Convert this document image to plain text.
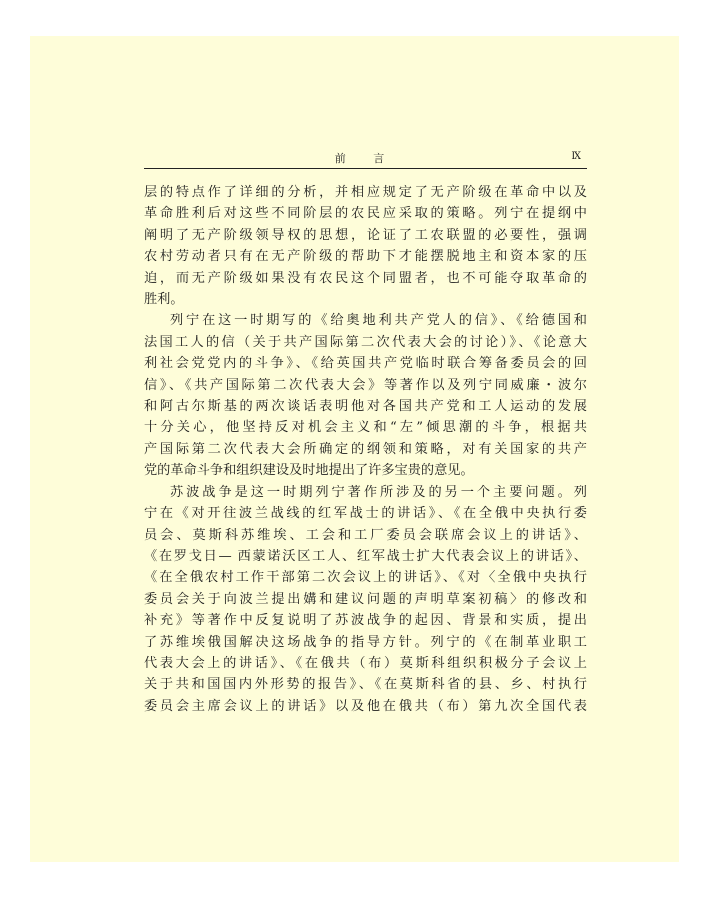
前 言	Ⅸ

层的特点作了详细的分析，并相应规定了无产阶级在革命中以及

革命胜利后对这些不同阶层的农民应采取的策略。列宁在提纲中

阐明了无产阶级领导权的思想，论证了工农联盟的必要性，强调

农村劳动者只有在无产阶级的帮助下才能摆脱地主和资本家的压

迫，而无产阶级如果没有农民这个同盟者，也不可能夺取革命的

胜利。

列宁在这一时期写的《给奥地利共产党人的信》、《给德国和

法国工人的信（关于共产国际第二次代表大会的讨论）》、《论意大

利社会党党内的斗争》、《给英国共产党临时联合筹备委员会的回

信》、《共产国际第二次代表大会》等著作以及列宁同威廉・波尔

和阿古尔斯基的两次谈话表明他对各国共产党和工人运动的发展

十分关心，他坚持反对机会主义和“左”倾思潮的斗争，根据共

产国际第二次代表大会所确定的纲领和策略，对有关国家的共产

党的革命斗争和组织建设及时地提出了许多宝贵的意见。

苏波战争是这一时期列宁著作所涉及的另一个主要问题。列

宁在《对开往波兰战线的红军战士的讲话》、《在全俄中央执行委

员会、莫斯科苏维埃、工会和工厂委员会联席会议上的讲话》、

《在罗戈日— 西蒙诺沃区工人、红军战士扩大代表会议上的讲话》、

《在全俄农村工作干部第二次会议上的讲话》、《对〈全俄中央执行

委员会关于向波兰提出媾和建议问题的声明草案初稿〉的修改和

补充》等著作中反复说明了苏波战争的起因、背景和实质，提出

了苏维埃俄国解决这场战争的指导方针。列宁的《在制革业职工

代表大会上的讲话》、《在俄共（布）莫斯科组织积极分子会议上

关于共和国国内外形势的报告》、《在莫斯科省的县、乡、村执行

委员会主席会议上的讲话》以及他在俄共（布）第九次全国代表
